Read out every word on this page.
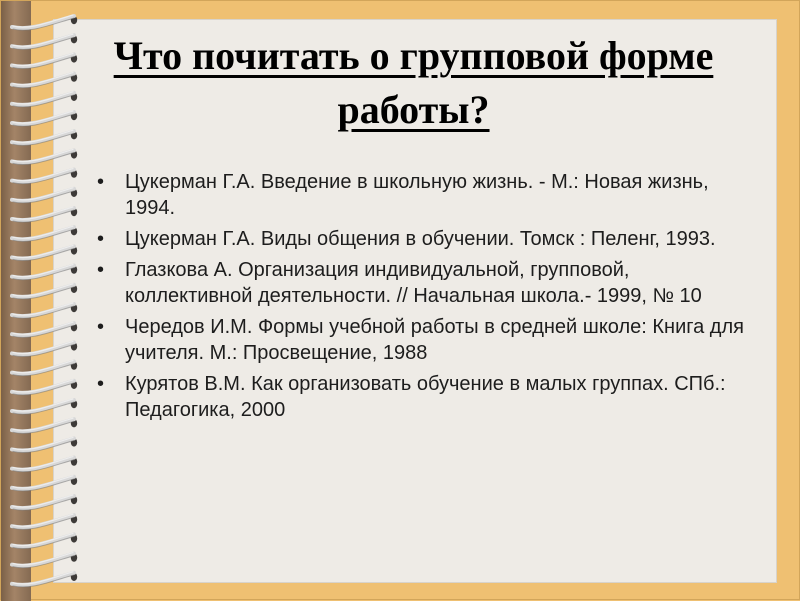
Что почитать о групповой форме работы?
•	Цукерман Г.А. Введение в школьную жизнь. - М.: Новая жизнь, 1994.
•	Цукерман Г.А. Виды общения в обучении. Томск : Пеленг, 1993.
•	Глазкова А. Организация индивидуальной, групповой, коллективной деятельности. // Начальная школа.- 1999, № 10
•	Чередов И.М. Формы учебной работы в средней школе: Книга для учителя. М.: Просвещение, 1988
•	Курятов В.М. Как организовать обучение в малых группах. СПб.: Педагогика, 2000
